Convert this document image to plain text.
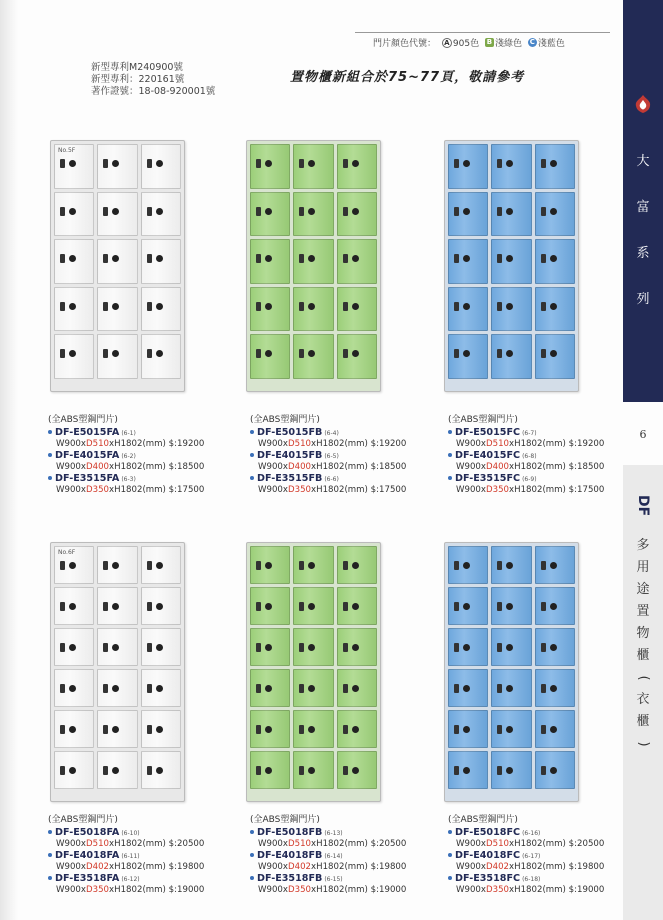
門片顏色代號： A 905色 B 淺綠色 C 淺藍色
新型專利M240900號
新型專利：220161號
著作證號：18-08-920001號
置物櫃新組合於75~77頁，敬請參考
大
富
系
列
DF
多
用
途
置
物
櫃
(
衣
櫃
)
6
No.5F
(全ABS塑鋼門片)
DF-E5015FA (6-1)
W900xD510xH1802(mm) $:19200
DF-E4015FA (6-2)
W900xD400xH1802(mm) $:18500
DF-E3515FA (6-3)
W900xD350xH1802(mm) $:17500
(全ABS塑鋼門片)
DF-E5015FB (6-4)
W900xD510xH1802(mm) $:19200
DF-E4015FB (6-5)
W900xD400xH1802(mm) $:18500
DF-E3515FB (6-6)
W900xD350xH1802(mm) $:17500
(全ABS塑鋼門片)
DF-E5015FC (6-7)
W900xD510xH1802(mm) $:19200
DF-E4015FC (6-8)
W900xD400xH1802(mm) $:18500
DF-E3515FC (6-9)
W900xD350xH1802(mm) $:17500
No.6F
(全ABS塑鋼門片)
DF-E5018FA (6-10)
W900xD510xH1802(mm) $:20500
DF-E4018FA (6-11)
W900xD402xH1802(mm) $:19800
DF-E3518FA (6-12)
W900xD350xH1802(mm) $:19000
(全ABS塑鋼門片)
DF-E5018FB (6-13)
W900xD510xH1802(mm) $:20500
DF-E4018FB (6-14)
W900xD402xH1802(mm) $:19800
DF-E3518FB (6-15)
W900xD350xH1802(mm) $:19000
(全ABS塑鋼門片)
DF-E5018FC (6-16)
W900xD510xH1802(mm) $:20500
DF-E4018FC (6-17)
W900xD402xH1802(mm) $:19800
DF-E3518FC (6-18)
W900xD350xH1802(mm) $:19000
